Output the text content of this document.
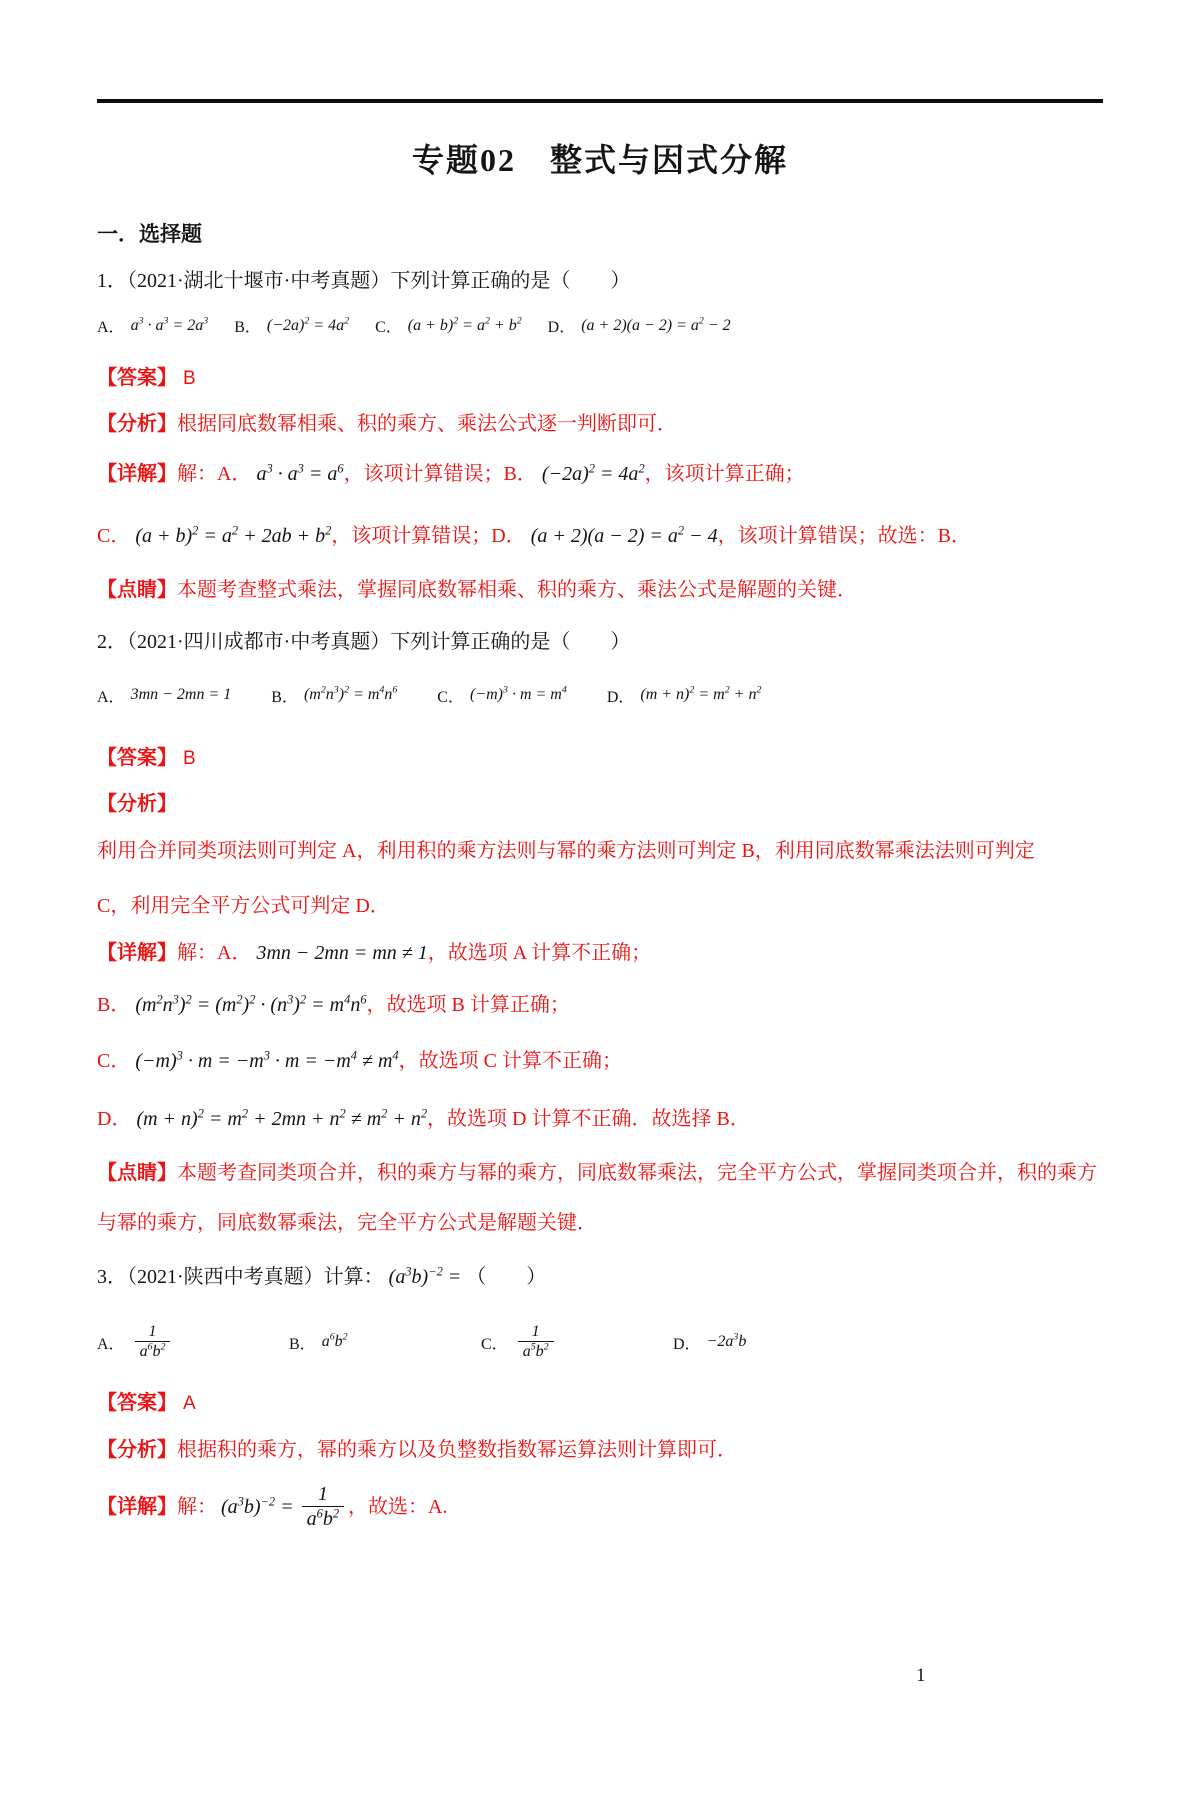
专题02　整式与因式分解
一．选择题

1．（2021·湖北十堰市·中考真题）下列计算正确的是（　　）

A． $a^3 \cdot a^3 = 2a^3$ B． $(-2a)^2 = 4a^2$ C． $(a + b)^2 = a^2 + b^2$ D． $(a + 2)(a - 2) = a^2 - 2$

【答案】 B

【分析】根据同底数幂相乘、积的乘方、乘法公式逐一判断即可．

【详解】解：A． $a^3 \cdot a^3 = a^6$，该项计算错误；B． $(-2a)^2 = 4a^2$，该项计算正确；

C． $(a + b)^2 = a^2 + 2ab + b^2$，该项计算错误；D． $(a + 2)(a - 2) = a^2 - 4$，该项计算错误；故选：B．

【点睛】本题考查整式乘法，掌握同底数幂相乘、积的乘方、乘法公式是解题的关键．

2．（2021·四川成都市·中考真题）下列计算正确的是（　　）

A． 3mn − 2mn = 1	B． $(m^2n^3)^2 = m^4n^6$	C． $(-m)^3 \cdot m = m^4$	D． $(m + n)^2 = m^2 + n^2$

【答案】 B

【分析】

利用合并同类项法则可判定 A，利用积的乘方法则与幂的乘方法则可判定 B，利用同底数幂乘法法则可判定

C，利用完全平方公式可判定 D．

【详解】解：A． 3mn − 2mn = mn ≠ 1，故选项 A 计算不正确；

B． $(m^2n^3)^2 = (m^2)^2 \cdot (n^3)^2 = m^4n^6$，故选项 B 计算正确；

C． $(-m)^3 \cdot m = -m^3 \cdot m = -m^4 \ne m^4$，故选项 C 计算不正确；

D． $(m + n)^2 = m^2 + 2mn + n^2 \ne m^2 + n^2$，故选项 D 计算不正确．故选择 B．

【点睛】本题考查同类项合并，积的乘方与幂的乘方，同底数幂乘法，完全平方公式，掌握同类项合并，积的乘方与幂的乘方，同底数幂乘法，完全平方公式是解题关键．

3．（2021·陕西中考真题）计算： $(a^3b)^{-2}$ = （　　）

A． $\frac{1}{a^6b^2}$	B． $a^6b^2$	C． $\frac{1}{a^5b^2}$	D． $-2a^3b$

【答案】 A

【分析】根据积的乘方，幂的乘方以及负整数指数幂运算法则计算即可．

【详解】 解： $(a^3b)^{-2} = \frac{1}{a^6b^2}$ ，故选：A.

1
